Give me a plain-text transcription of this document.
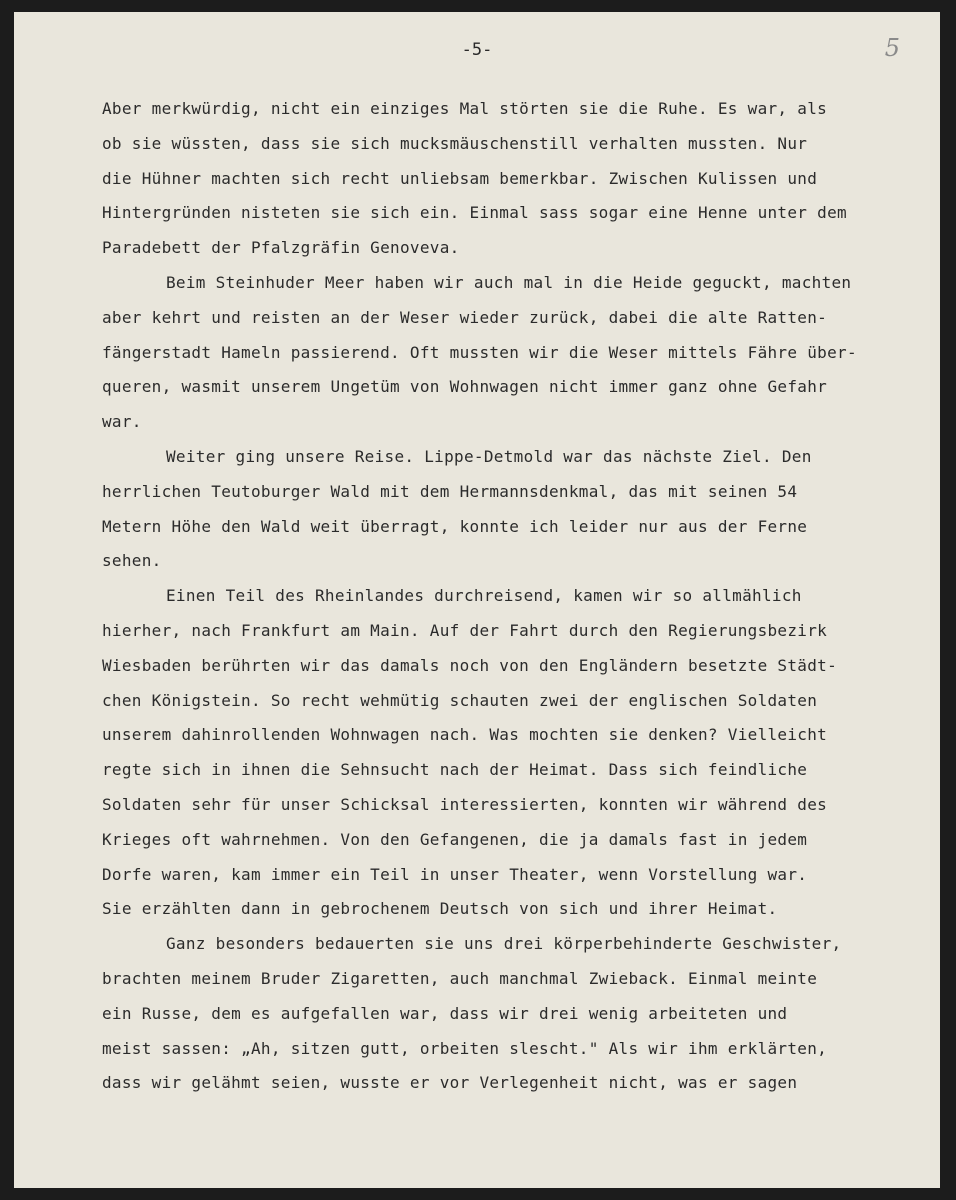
-5-	5
Aber merkwürdig, nicht ein einziges Mal störten sie die Ruhe. Es war, als
ob sie wüssten, dass sie sich mucksmäuschenstill verhalten mussten. Nur
die Hühner machten sich recht unliebsam bemerkbar. Zwischen Kulissen und
Hintergründen nisteten sie sich ein. Einmal sass sogar eine Henne unter dem
Paradebett der Pfalzgräfin Genoveva.
Beim Steinhuder Meer haben wir auch mal in die Heide geguckt, machten
aber kehrt und reisten an der Weser wieder zurück, dabei die alte Ratten-
fängerstadt Hameln passierend. Oft mussten wir die Weser mittels Fähre über-
queren, wasmit unserem Ungetüm von Wohnwagen nicht immer ganz ohne Gefahr
war.
Weiter ging unsere Reise. Lippe-Detmold war das nächste Ziel. Den
herrlichen Teutoburger Wald mit dem Hermannsdenkmal, das mit seinen 54
Metern Höhe den Wald weit überragt, konnte ich leider nur aus der Ferne
sehen.
Einen Teil des Rheinlandes durchreisend, kamen wir so allmählich
hierher, nach Frankfurt am Main. Auf der Fahrt durch den Regierungsbezirk
Wiesbaden berührten wir das damals noch von den Engländern besetzte Städt-
chen Königstein. So recht wehmütig schauten zwei der englischen Soldaten
unserem dahinrollenden Wohnwagen nach. Was mochten sie denken? Vielleicht
regte sich in ihnen die Sehnsucht nach der Heimat. Dass sich feindliche
Soldaten sehr für unser Schicksal interessierten, konnten wir während des
Krieges oft wahrnehmen. Von den Gefangenen, die ja damals fast in jedem
Dorfe waren, kam immer ein Teil in unser Theater, wenn Vorstellung war.
Sie erzählten dann in gebrochenem Deutsch von sich und ihrer Heimat.
Ganz besonders bedauerten sie uns drei körperbehinderte Geschwister,
brachten meinem Bruder Zigaretten, auch manchmal Zwieback. Einmal meinte
ein Russe, dem es aufgefallen war, dass wir drei wenig arbeiteten und
meist sassen: „Ah, sitzen gutt, orbeiten slescht." Als wir ihm erklärten,
dass wir gelähmt seien, wusste er vor Verlegenheit nicht, was er sagen
